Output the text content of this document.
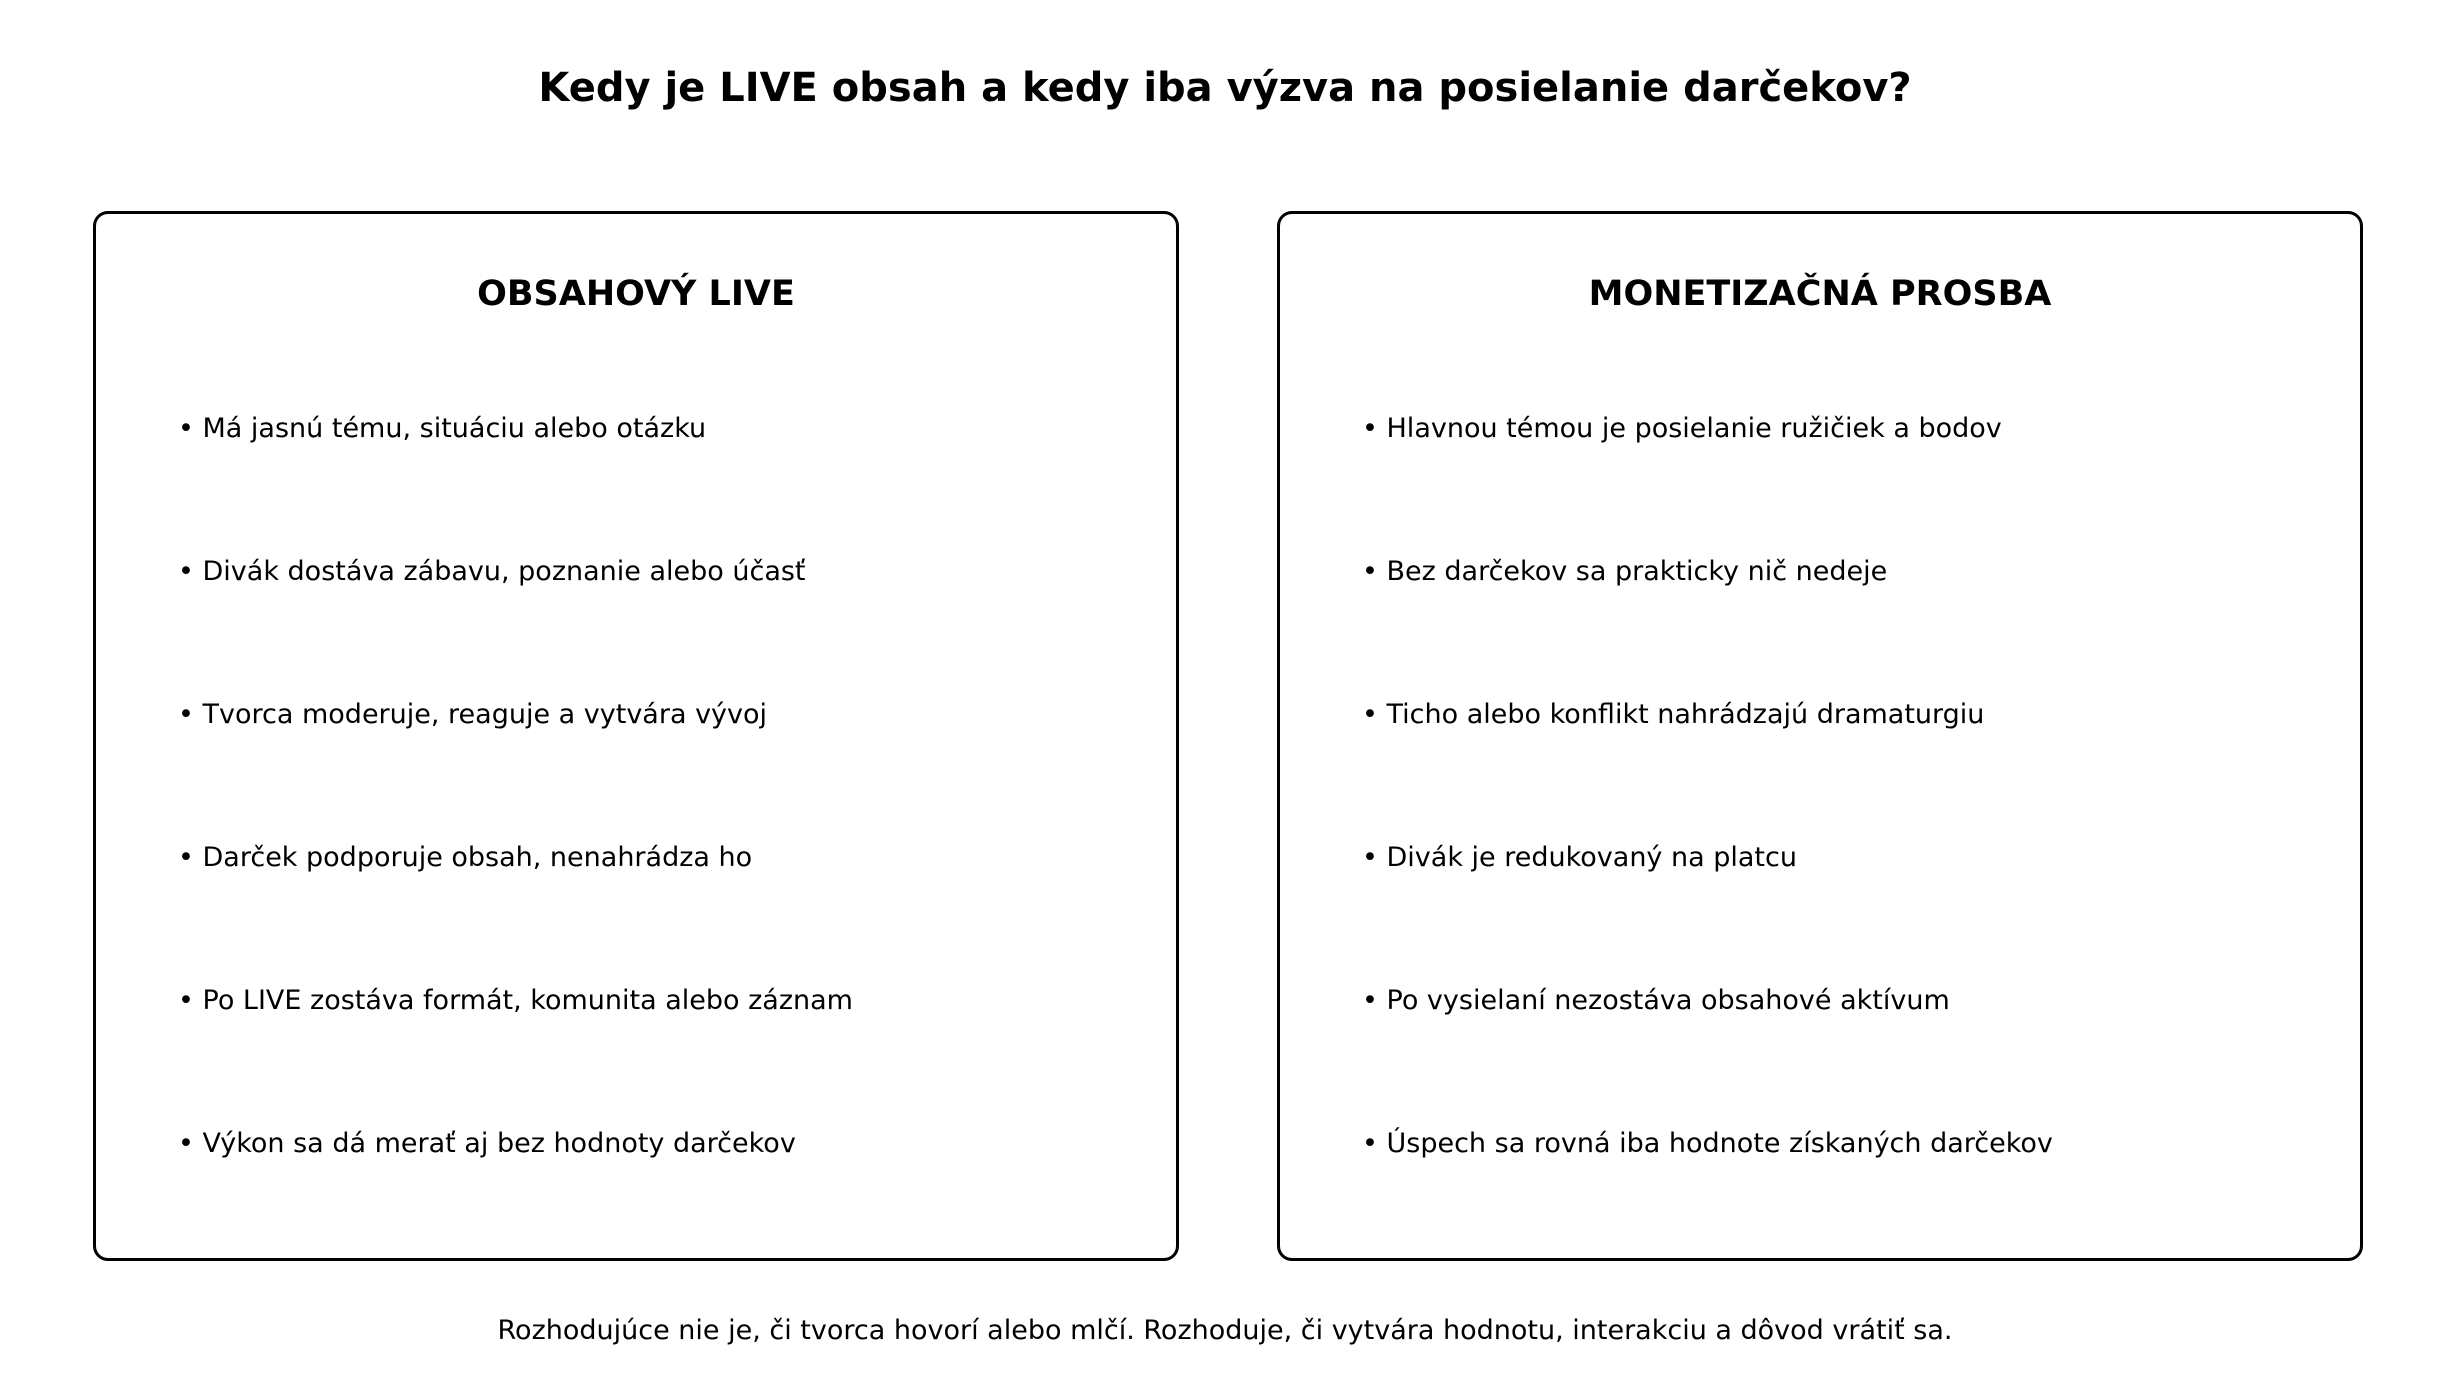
Kedy je LIVE obsah a kedy iba výzva na posielanie darčekov?
OBSAHOVÝ LIVE
• Má jasnú tému, situáciu alebo otázku
• Divák dostáva zábavu, poznanie alebo účasť
• Tvorca moderuje, reaguje a vytvára vývoj
• Darček podporuje obsah, nenahrádza ho
• Po LIVE zostáva formát, komunita alebo záznam
• Výkon sa dá merať aj bez hodnoty darčekov
MONETIZAČNÁ PROSBA
• Hlavnou témou je posielanie ružičiek a bodov
• Bez darčekov sa prakticky nič nedeje
• Ticho alebo konflikt nahrádzajú dramaturgiu
• Divák je redukovaný na platcu
• Po vysielaní nezostáva obsahové aktívum
• Úspech sa rovná iba hodnote získaných darčekov
Rozhodujúce nie je, či tvorca hovorí alebo mlčí. Rozhoduje, či vytvára hodnotu, interakciu a dôvod vrátiť sa.
